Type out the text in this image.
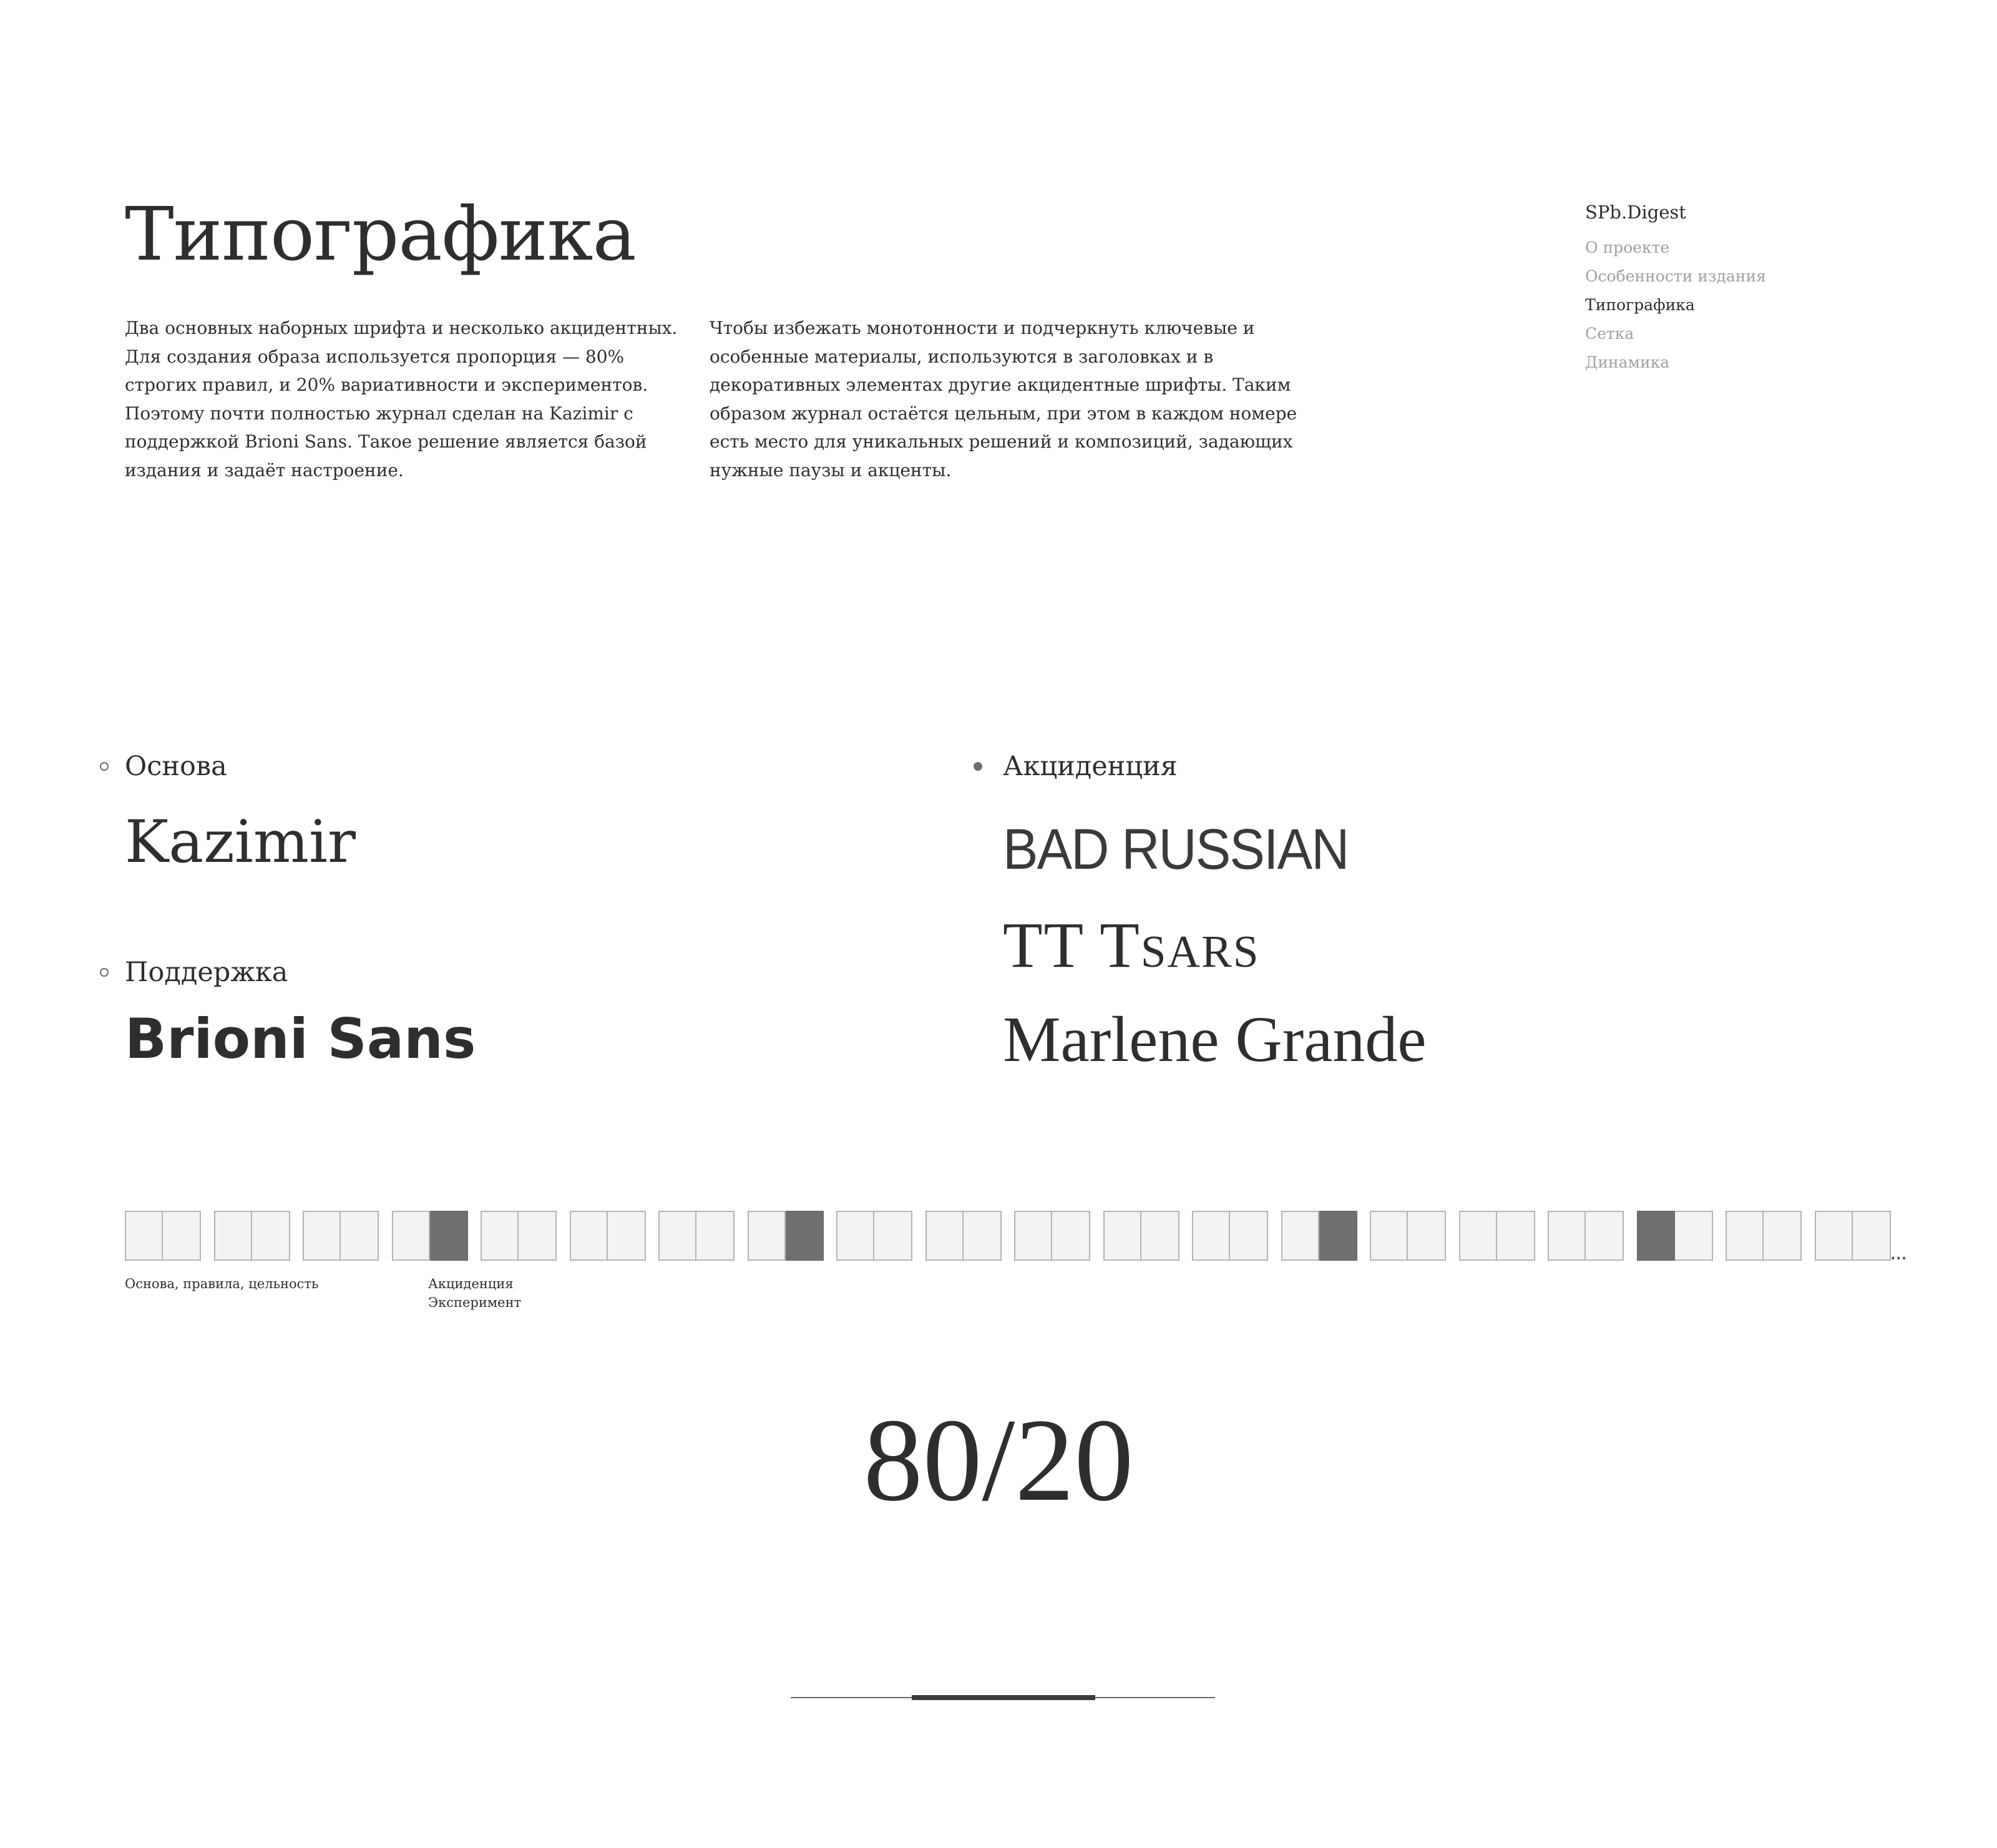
Типографика

Два основных наборных шрифта и несколько акцидентных. Для создания образа используется пропорция — 80% строгих правил, и 20% вариативности и экспериментов. Поэтому почти полностью журнал сделан на Kazimir с поддержкой Brioni Sans. Такое решение является базой издания и задаёт настроение.

Чтобы избежать монотонности и подчеркнуть ключевые и особенные материалы, используются в заголовках и в декоративных элементах другие акцидентные шрифты. Таким образом журнал остаётся цельным, при этом в каждом номере есть место для уникальных решений и композиций, задающих нужные паузы и акценты.

SPb.Digest
О проекте
Особенности издания
Типографика
Сетка
Динамика
Основа
Kazimir
Поддержка
Brioni Sans
Акциденция
BAD RUSSIAN
TT Tsars
Marlene Grande
...
Основа, правила, цельность	Акциденция
Эксперимент
80/20
